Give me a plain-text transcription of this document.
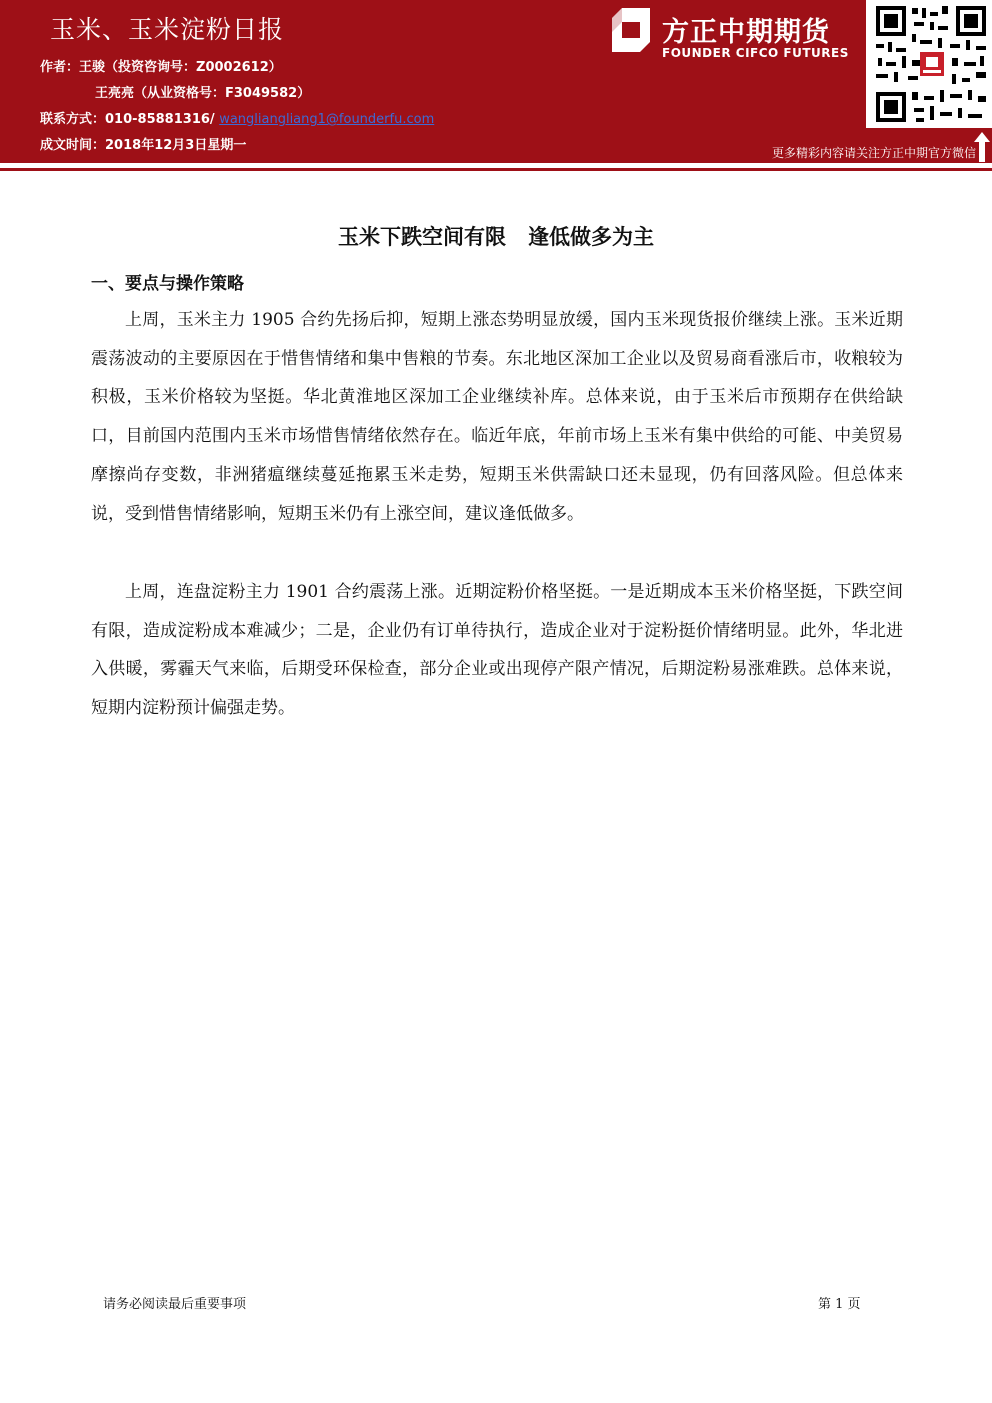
玉米、玉米淀粉日报
作者：王骏（投资咨询号：Z0002612）
王亮亮（从业资格号：F3049582）
联系方式：010-85881316/ wangliangliang1@founderfu.com
成文时间：2018年12月3日星期一
方正中期期货
FOUNDER CIFCO FUTURES
更多精彩内容请关注方正中期官方微信
玉米下跌空间有限   逢低做多为主
一、要点与操作策略
上周，玉米主力 1905 合约先扬后抑，短期上涨态势明显放缓，国内玉米现货报价继续上涨。玉米近期震荡波动的主要原因在于惜售情绪和集中售粮的节奏。东北地区深加工企业以及贸易商看涨后市，收粮较为积极，玉米价格较为坚挺。华北黄淮地区深加工企业继续补库。总体来说，由于玉米后市预期存在供给缺口，目前国内范围内玉米市场惜售情绪依然存在。临近年底，年前市场上玉米有集中供给的可能、中美贸易摩擦尚存变数，非洲猪瘟继续蔓延拖累玉米走势，短期玉米供需缺口还未显现，仍有回落风险。但总体来说，受到惜售情绪影响，短期玉米仍有上涨空间，建议逢低做多。
上周，连盘淀粉主力 1901 合约震荡上涨。近期淀粉价格坚挺。一是近期成本玉米价格坚挺，下跌空间有限，造成淀粉成本难减少；二是，企业仍有订单待执行，造成企业对于淀粉挺价情绪明显。此外，华北进入供暖，雾霾天气来临，后期受环保检查，部分企业或出现停产限产情况，后期淀粉易涨难跌。总体来说，短期内淀粉预计偏强走势。
请务必阅读最后重要事项	第 1 页
